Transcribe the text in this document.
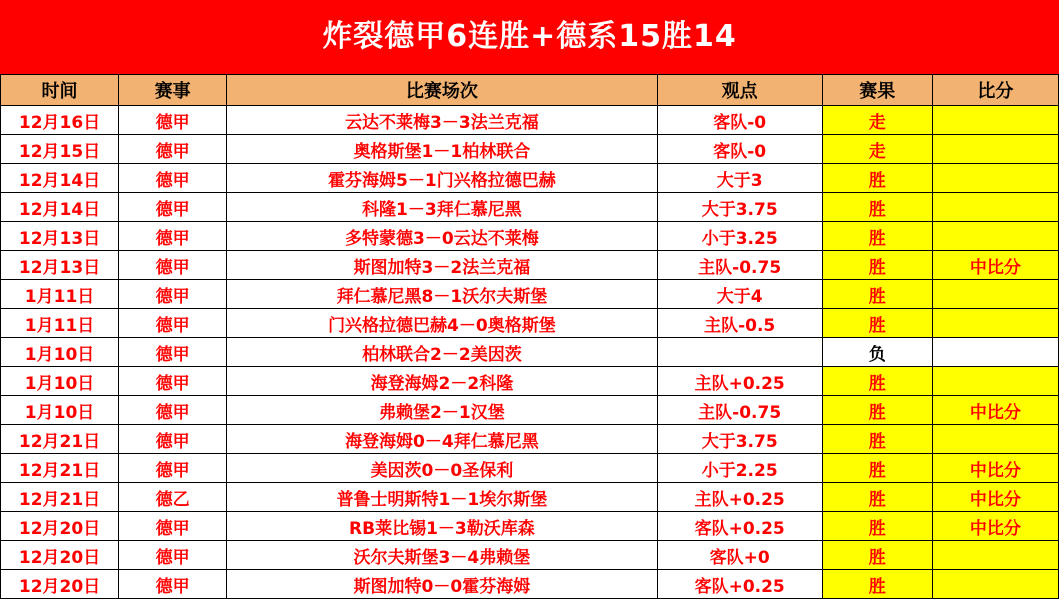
炸裂德甲6连胜+德系15胜14
时间	赛事	比赛场次	观点	赛果	比分
12月16日	德甲	云达不莱梅3－3法兰克福	客队-0	走	
12月15日	德甲	奥格斯堡1－1柏林联合	客队-0	走	
12月14日	德甲	霍芬海姆5－1门兴格拉德巴赫	大于3	胜	
12月14日	德甲	科隆1－3拜仁慕尼黑	大于3.75	胜	
12月13日	德甲	多特蒙德3－0云达不莱梅	小于3.25	胜	
12月13日	德甲	斯图加特3－2法兰克福	主队-0.75	胜	中比分
1月11日	德甲	拜仁慕尼黑8－1沃尔夫斯堡	大于4	胜	
1月11日	德甲	门兴格拉德巴赫4－0奥格斯堡	主队-0.5	胜	
1月10日	德甲	柏林联合2－2美因茨		负	
1月10日	德甲	海登海姆2－2科隆	主队+0.25	胜	
1月10日	德甲	弗赖堡2－1汉堡	主队-0.75	胜	中比分
12月21日	德甲	海登海姆0－4拜仁慕尼黑	大于3.75	胜	
12月21日	德甲	美因茨0－0圣保利	小于2.25	胜	中比分
12月21日	德乙	普鲁士明斯特1－1埃尔斯堡	主队+0.25	胜	中比分
12月20日	德甲	RB莱比锡1－3勒沃库森	客队+0.25	胜	中比分
12月20日	德甲	沃尔夫斯堡3－4弗赖堡	客队+0	胜	
12月20日	德甲	斯图加特0－0霍芬海姆	客队+0.25	胜	
